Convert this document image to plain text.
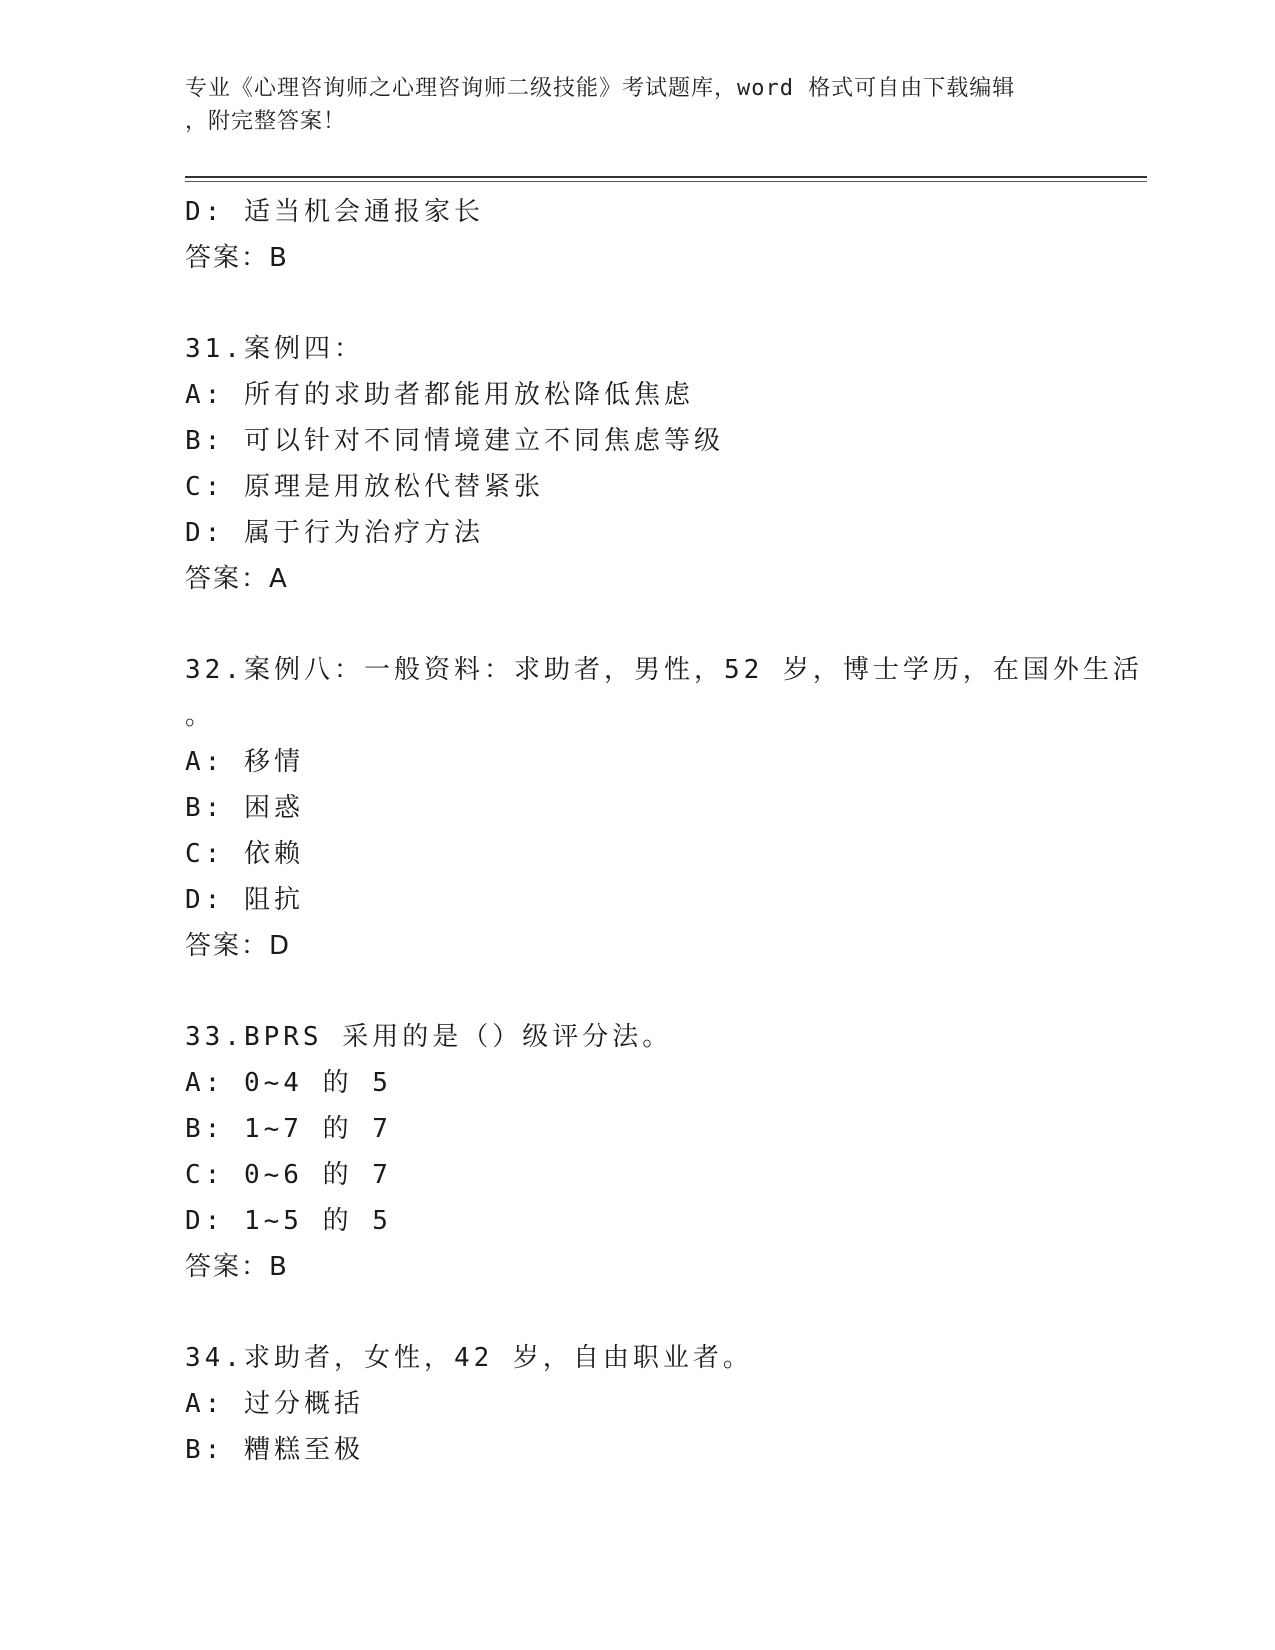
专业《心理咨询师之心理咨询师二级技能》考试题库，word 格式可自由下载编辑
，附完整答案！
D: 适当机会通报家长
答案：B
31.案例四：
A: 所有的求助者都能用放松降低焦虑
B: 可以针对不同情境建立不同焦虑等级
C: 原理是用放松代替紧张
D: 属于行为治疗方法
答案：A
32.案例八：一般资料：求助者，男性，52 岁，博士学历，在国外生活
。
A: 移情
B: 困惑
C: 依赖
D: 阻抗
答案：D
33.BPRS 采用的是（）级评分法。
A: 0~4 的 5
B: 1~7 的 7
C: 0~6 的 7
D: 1~5 的 5
答案：B
34.求助者，女性，42 岁，自由职业者。
A: 过分概括
B: 糟糕至极
